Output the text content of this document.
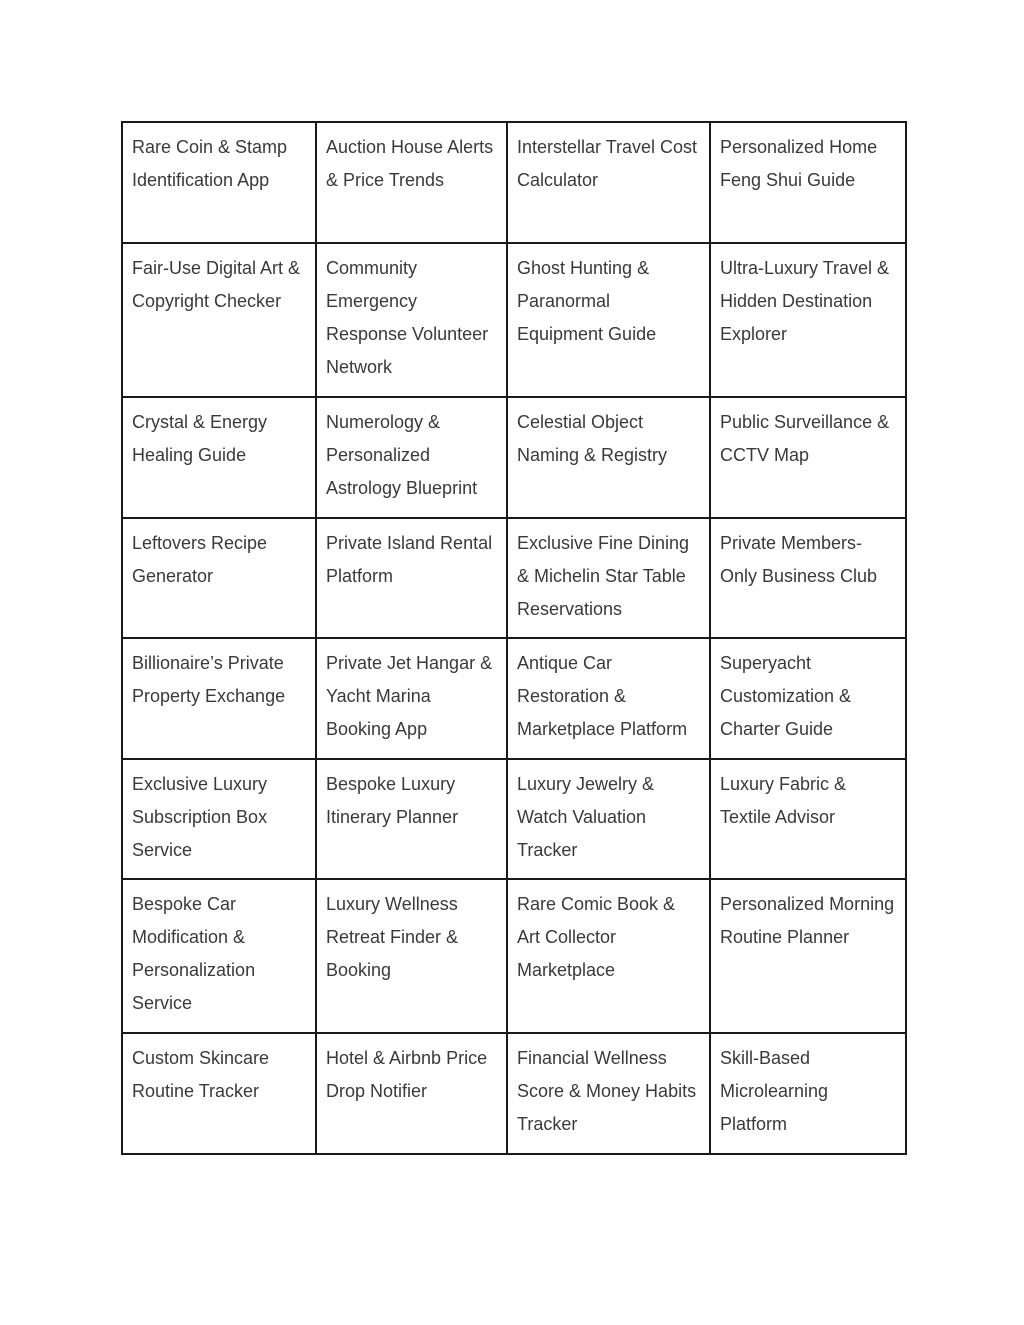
Rare Coin & Stamp Identification App	Auction House Alerts & Price Trends	Interstellar Travel Cost Calculator	Personalized Home Feng Shui Guide
Fair-Use Digital Art & Copyright Checker	Community Emergency Response Volunteer Network	Ghost Hunting & Paranormal Equipment Guide	Ultra-Luxury Travel & Hidden Destination Explorer
Crystal & Energy Healing Guide	Numerology & Personalized Astrology Blueprint	Celestial Object Naming & Registry	Public Surveillance & CCTV Map
Leftovers Recipe Generator	Private Island Rental Platform	Exclusive Fine Dining & Michelin Star Table Reservations	Private Members-Only Business Club
Billionaire’s Private Property Exchange	Private Jet Hangar & Yacht Marina Booking App	Antique Car Restoration & Marketplace Platform	Superyacht Customization & Charter Guide
Exclusive Luxury Subscription Box Service	Bespoke Luxury Itinerary Planner	Luxury Jewelry & Watch Valuation Tracker	Luxury Fabric & Textile Advisor
Bespoke Car Modification & Personalization Service	Luxury Wellness Retreat Finder & Booking	Rare Comic Book & Art Collector Marketplace	Personalized Morning Routine Planner
Custom Skincare Routine Tracker	Hotel & Airbnb Price Drop Notifier	Financial Wellness Score & Money Habits Tracker	Skill-Based Microlearning Platform
